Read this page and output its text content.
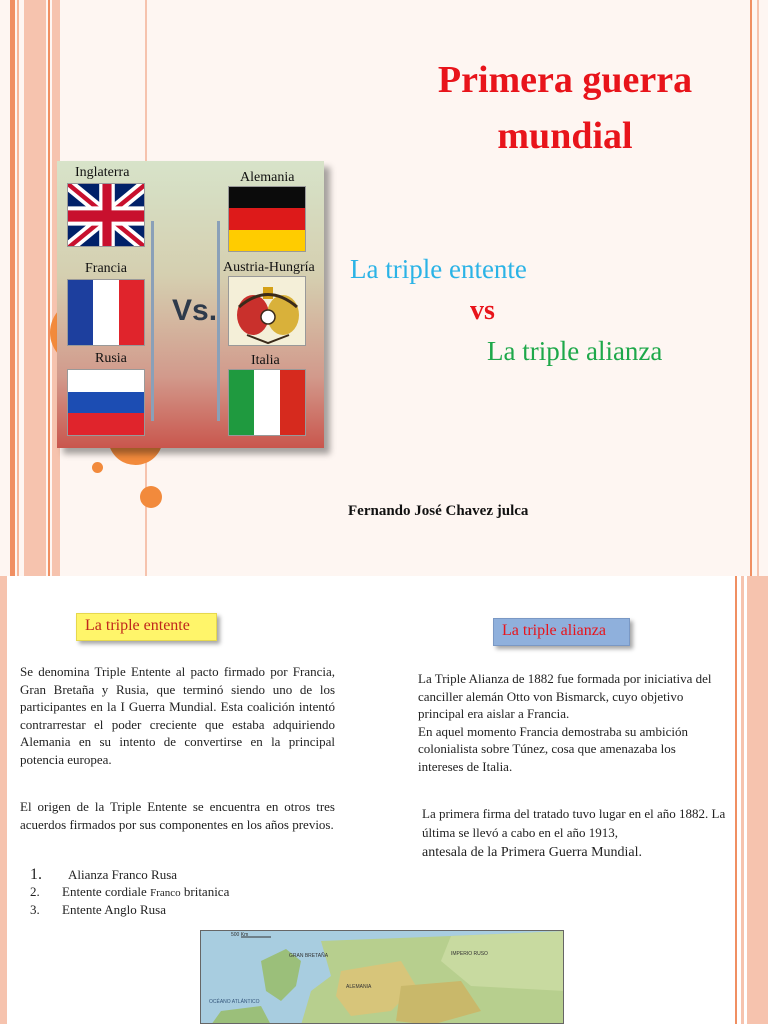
Primera guerra
mundial
Inglaterra
Francia
Rusia
Vs.
Alemania
Austria-Hungría
Italia
La triple entente
vs
La triple alianza
Fernando José Chavez julca
La triple entente	La triple alianza
Se denomina Triple Entente al pacto firmado por Francia, Gran Bretaña y Rusia, que terminó siendo uno de los participantes en la I Guerra Mundial. Esta coalición intentó contrarrestar el poder creciente que estaba adquiriendo Alemania en su intento de convertirse en la principal potencia europea.
El origen de la Triple Entente se encuentra en otros tres acuerdos firmados por sus componentes en los años previos.
1.	Alianza Franco Rusa
2.	Entente cordiale
Franco
britanica
3.	Entente Anglo Rusa
La Triple Alianza de 1882 fue formada por iniciativa del canciller alemán Otto von Bismarck, cuyo objetivo principal era aislar a Francia.
En aquel momento Francia demostraba su ambición colonialista sobre Túnez, cosa que amenazaba los intereses de Italia.
La primera firma del tratado tuvo lugar en el año 1882. La última se llevó a cabo en el año 1913,
antesala de la Primera Guerra Mundial.
500 Km
GRAN BRETAÑA
ALEMANIA
IMPERIO RUSO
OCÉANO ATLÁNTICO
